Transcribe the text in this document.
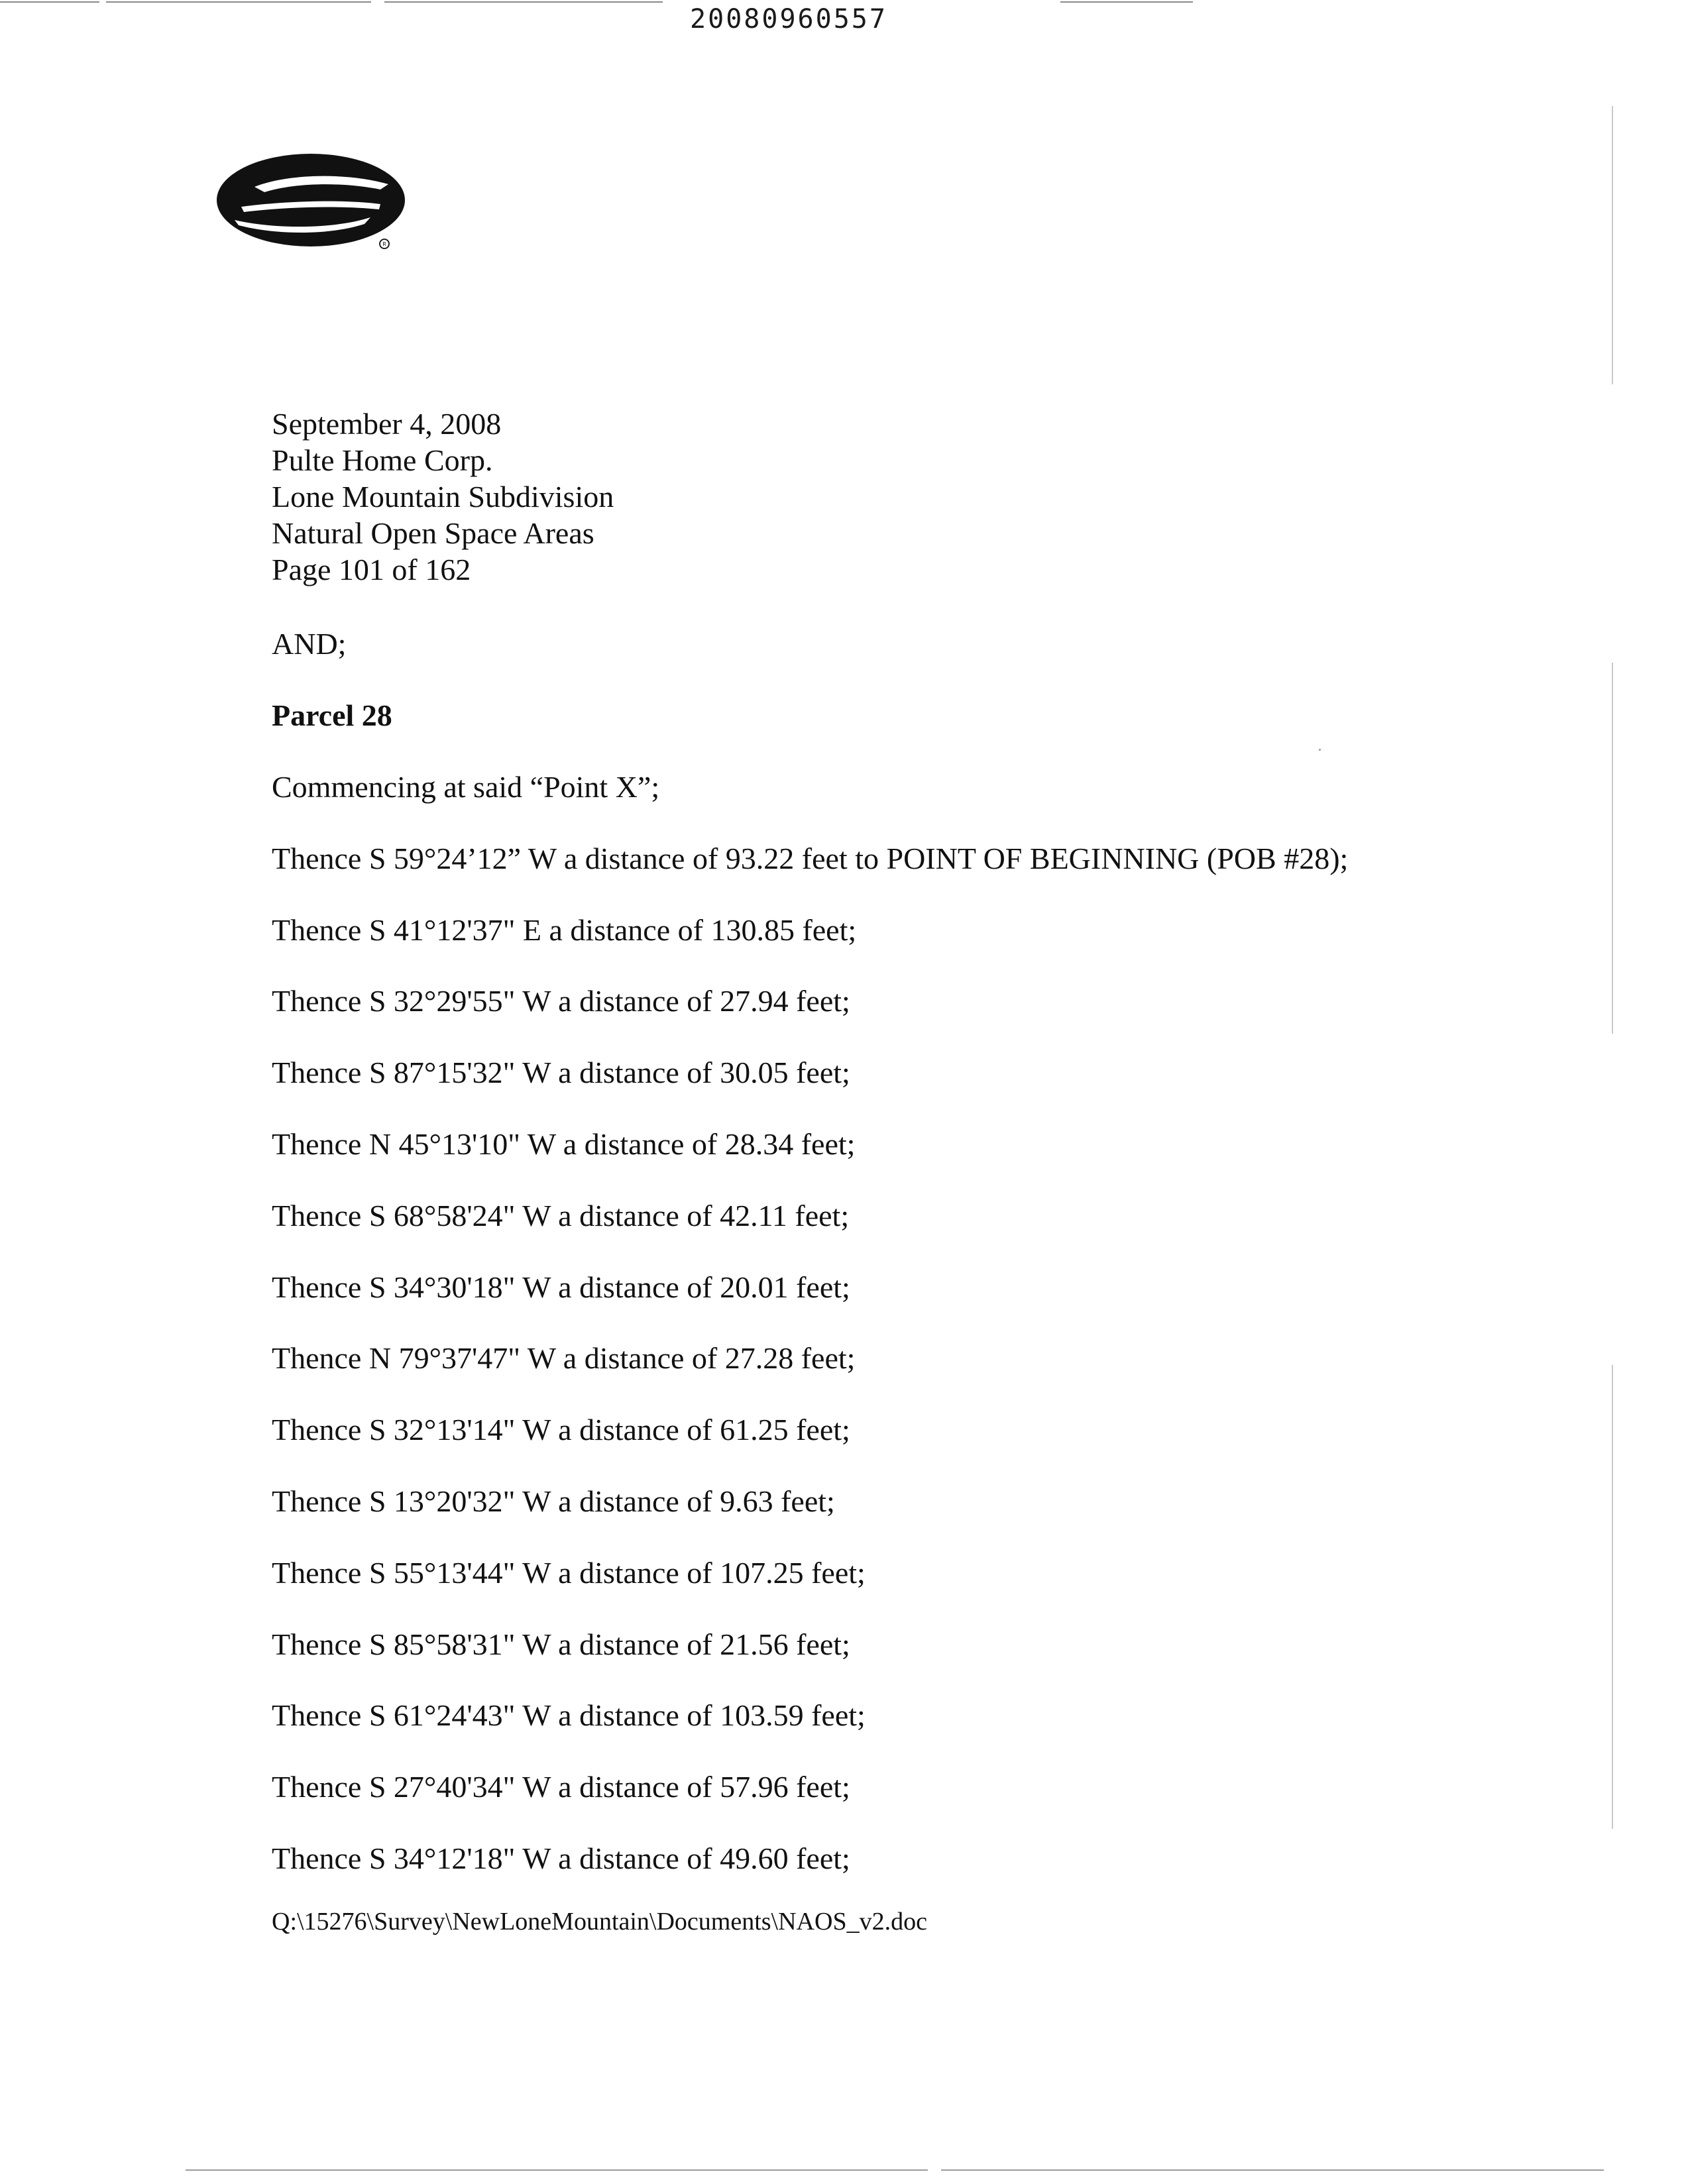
20080960557
R
September 4, 2008
Pulte Home Corp.
Lone Mountain Subdivision
Natural Open Space Areas
Page 101 of 162
AND;
Parcel 28
Commencing at said “Point X”;
Thence S 59°24’12” W a distance of 93.22 feet to POINT OF BEGINNING (POB #28);
Thence S 41°12'37" E a distance of 130.85 feet;
Thence S 32°29'55" W a distance of 27.94 feet;
Thence S 87°15'32" W a distance of 30.05 feet;
Thence N 45°13'10" W a distance of 28.34 feet;
Thence S 68°58'24" W a distance of 42.11 feet;
Thence S 34°30'18" W a distance of 20.01 feet;
Thence N 79°37'47" W a distance of 27.28 feet;
Thence S 32°13'14" W a distance of 61.25 feet;
Thence S 13°20'32" W a distance of 9.63 feet;
Thence S 55°13'44" W a distance of 107.25 feet;
Thence S 85°58'31" W a distance of 21.56 feet;
Thence S 61°24'43" W a distance of 103.59 feet;
Thence S 27°40'34" W a distance of 57.96 feet;
Thence S 34°12'18" W a distance of 49.60 feet;
Q:\15276\Survey\NewLoneMountain\Documents\NAOS_v2.doc
